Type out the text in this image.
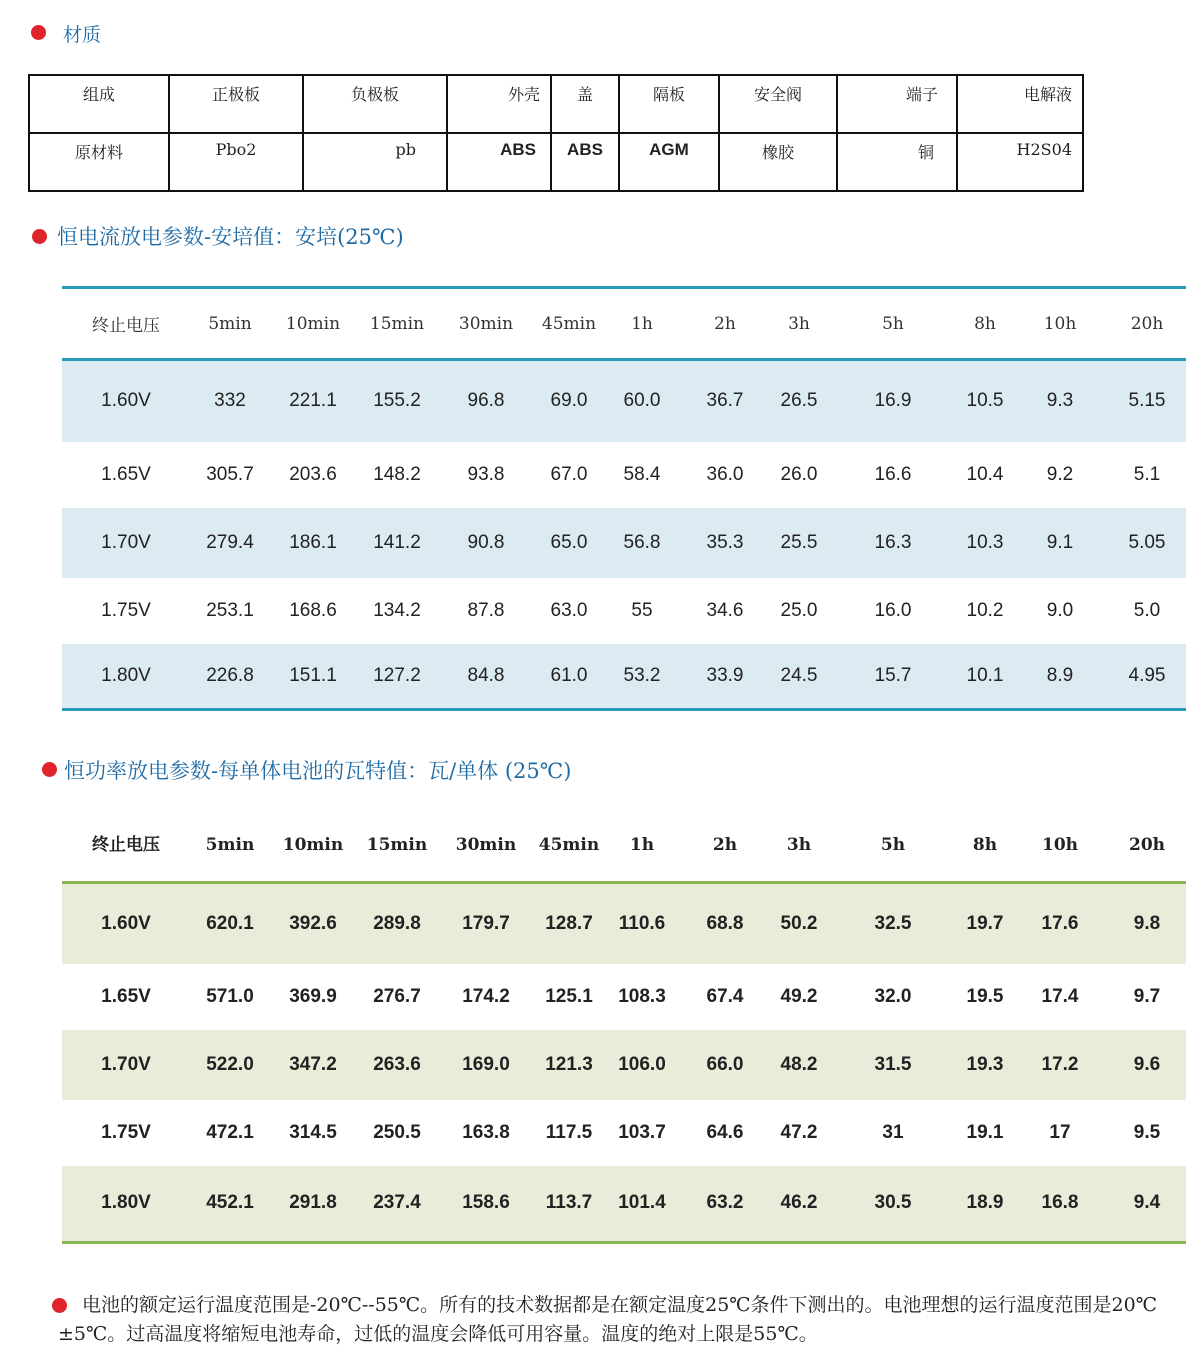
材质
组成	正极板	负极板	外壳	盖	隔板	安全阀	端子	电解液
原材料	Pbo2	pb	ABS	ABS	AGM	橡胶	铜	H2S04
恒电流放电参数-安培值：安培(25℃)
终止电压	5min	10min	15min	30min	45min	1h	2h	3h	5h	8h	10h	20h
1.60V	332	221.1	155.2	96.8	69.0	60.0	36.7	26.5	16.9	10.5	9.3	5.15
1.65V	305.7	203.6	148.2	93.8	67.0	58.4	36.0	26.0	16.6	10.4	9.2	5.1
1.70V	279.4	186.1	141.2	90.8	65.0	56.8	35.3	25.5	16.3	10.3	9.1	5.05
1.75V	253.1	168.6	134.2	87.8	63.0	55	34.6	25.0	16.0	10.2	9.0	5.0
1.80V	226.8	151.1	127.2	84.8	61.0	53.2	33.9	24.5	15.7	10.1	8.9	4.95
恒功率放电参数-每单体电池的瓦特值：瓦/单体 (25℃)
终止电压	5min	10min	15min	30min	45min	1h	2h	3h	5h	8h	10h	20h
1.60V	620.1	392.6	289.8	179.7	128.7	110.6	68.8	50.2	32.5	19.7	17.6	9.8
1.65V	571.0	369.9	276.7	174.2	125.1	108.3	67.4	49.2	32.0	19.5	17.4	9.7
1.70V	522.0	347.2	263.6	169.0	121.3	106.0	66.0	48.2	31.5	19.3	17.2	9.6
1.75V	472.1	314.5	250.5	163.8	117.5	103.7	64.6	47.2	31	19.1	17	9.5
1.80V	452.1	291.8	237.4	158.6	113.7	101.4	63.2	46.2	30.5	18.9	16.8	9.4
电池的额定运行温度范围是-20℃--55℃。所有的技术数据都是在额定温度25℃条件下测出的。电池理想的运行温度范围是20℃±5℃。过高温度将缩短电池寿命，过低的温度会降低可用容量。温度的绝对上限是55℃。
